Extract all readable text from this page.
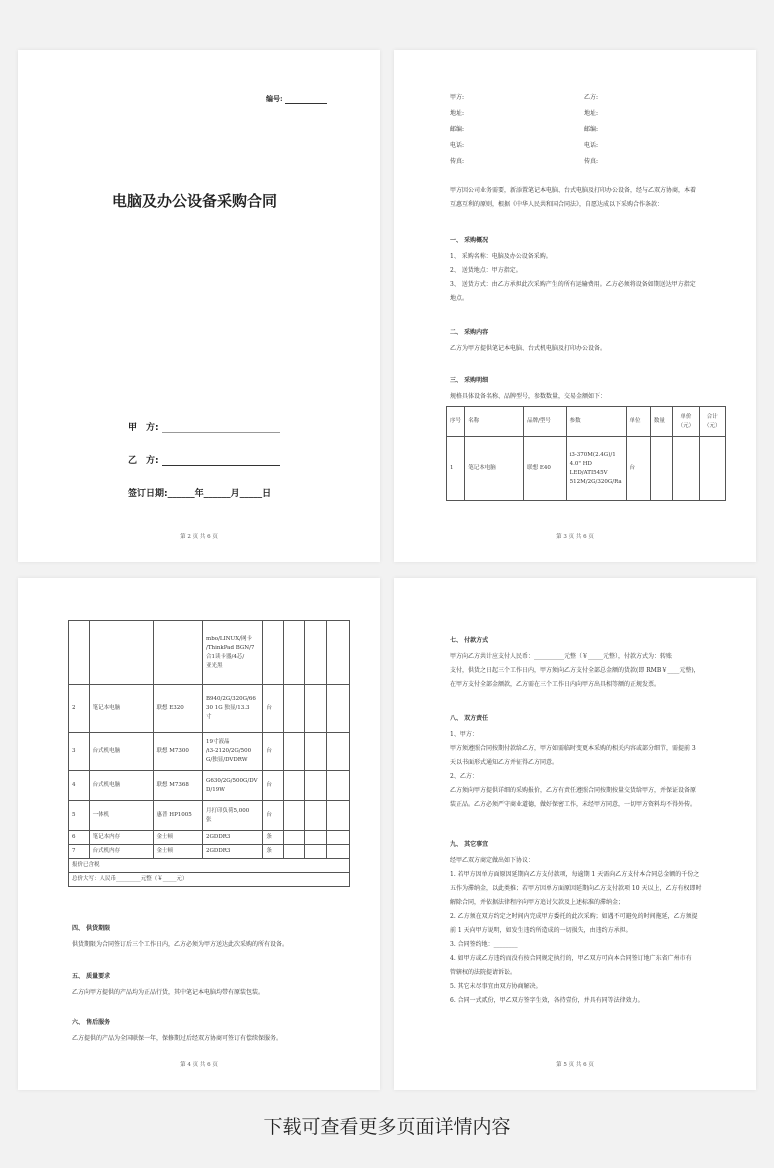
编号:
电脑及办公设备采购合同
甲　方:
乙　方:
签订日期:______年______月_____日
第 2 页 共 6 页
甲方:
地址:
邮编:
电话:
传真:
乙方:
地址:
邮编:
电话:
传真:
甲方因公司业务需要，新添置笔记本电脑、台式电脑及打印办公设备，经与乙双方协商，本着
互惠互利的原则，根据《中华人民共和国合同法》，自愿达成以下采购合作条款：
一、 采购概况
1、 采购名称：电脑及办公设备采购。
2、 送货地点：甲方指定。
3、 送货方式：由乙方承担此次采购产生的所有运输费用。乙方必须将设备如期送达甲方指定
地点。
二、 采购内容
乙方为甲方提供笔记本电脑、台式机电脑及打印办公设备。
三、 采购明细
规格具体设备名称、品牌型号，参数数量，交易金额如下：
序号	名称	品牌/型号	参数	单位	数量	单价（元）	合计（元）
1	笔记本电脑	联想 E40	i3-370M(2.4G)/1
4.0" HD
LED/ATI545V
512M/2G/320G/Ra	台			
第 3 页 共 6 页

			mbo/LINUX/网卡
/ThinkPad BGN/7
合1读卡器/4芯/
亚光黑				

2	笔记本电脑	联想 E320	B940/2G/320G/66
30 1G 独显/13.3
寸	台			
3	台式机电脑	联想 M7300	19寸液晶
/i3-2120/2G/500
G/独显/DVDRW	台			
4	台式机电脑	联想 M7368	G630/2G/500G/DV
D/19W	台			
5	一体机	惠普 HP1005	月打印负荷5,000
张	台			
6	笔记本内存	金士顿	2GDDR3	条			
7	台式机内存	金士顿	2GDDR3	条			
报价已含税							
总价大写：人民币_________元整（￥_____元）							
四、 供货期限
供货期限为合同签订后三个工作日内，乙方必须为甲方送达此次采购的所有设备。
五、 质量要求
乙方向甲方提供的产品均为正品行货，其中笔记本电脑均带有原装包装。
六、 售后服务
乙方提供的产品为全国联保一年，保修期过后经双方协商可签订有偿续保服务。
第 4 页 共 6 页
七、 付款方式
甲方向乙方共计应支付人民币：__________元整（￥_____元整），付款方式为：转账
支付，供货之日起三个工作日内，甲方须向乙方支付全部总金额的货款(即 RMB￥____元整)，
在甲方支付全部金额款，乙方需在三个工作日内向甲方出具相等额的正规发票。
八、 双方责任
1、甲方：
甲方须遵照合同按期付款给乙方，甲方如需临时变更本采购的相关内容或部分细节，需提前 3
天以书面形式通知乙方并征得乙方同意。
2、乙方：
乙方须向甲方提供详细的采购报价，乙方有责任遵照合同按期按量交货给甲方，并保证设备原
装正品。乙方必须严守商业道德，做好保密工作，未经甲方同意，一切甲方资料均不得外传。
九、 其它事宜
经甲乙双方商定做出如下协议：
1. 若甲方因单方面原因延期向乙方支付款项，每逾期 1 天需向乙方支付本合同总金额的千份之
五作为滞纳金，以此类推；若甲方因单方面原因延期向乙方支付款项 10 天以上，乙方有权即时
解除合同，并依据法律程序向甲方追讨欠款及上述标准的滞纳金；
2. 乙方须在双方约定之时间内完成甲方委托的此次采购；如遇不可避免的时间拖延，乙方须提
前 1 天向甲方说明，如发生违约所造成的一切损失，由违约方承担。
3. 合同签约地：________
4. 如甲方或乙方违约而没有按合同规定执行的，甲乙双方可向本合同签订地广东省广州市有
管辖权的法院提请诉讼。
5. 其它未尽事宜由双方协商解决。
6. 合同一式贰份，甲乙双方签字生效，各持壹份，并具有同等法律效力。
第 5 页 共 6 页
下载可查看更多页面详情内容
